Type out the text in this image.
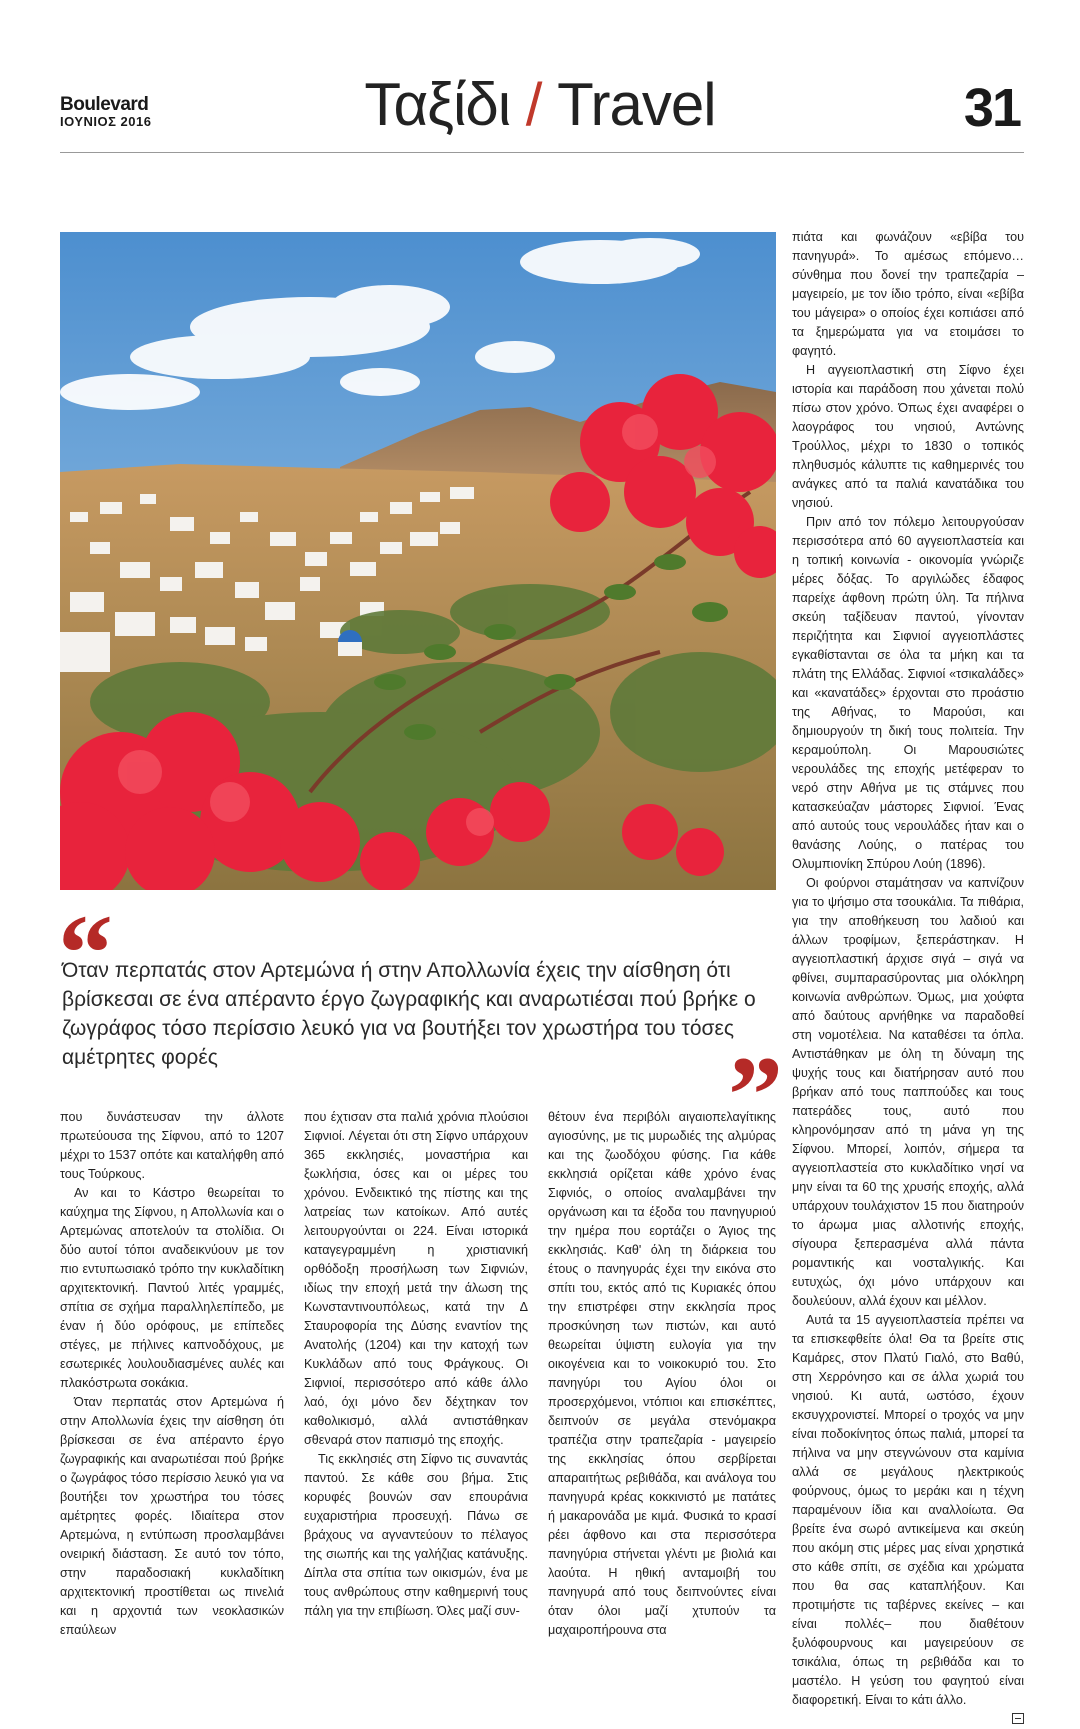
Boulevard
ΙΟΥΝΙΟΣ 2016	Ταξίδι / Travel	31
“
Όταν περπατάς στον Αρτεμώνα ή στην Απολλωνία έχεις την αίσθηση ότι βρίσκεσαι σε ένα απέραντο έργο ζωγραφικής και αναρωτιέσαι πού βρήκε ο ζωγράφος τόσο περίσσιο λευκό για να βουτήξει τον χρωστήρα του τόσες αμέτρητες φορές	”

πιάτα και φωνάζουν «εβίβα του πανηγυρά». Το αμέσως επόμενο… σύνθημα που δονεί την τραπεζαρία – μαγειρείο, με τον ίδιο τρόπο, είναι «εβίβα του μάγειρα» ο οποίος έχει κοπιάσει από τα ξημερώματα για να ετοιμάσει το φαγητό.

Η αγγειοπλαστική στη Σίφνο έχει ιστορία και παράδοση που χάνεται πολύ πίσω στον χρόνο. Όπως έχει αναφέρει ο λαογράφος του νησιού, Αντώνης Τρούλλος, μέχρι το 1830 ο τοπικός πληθυσμός κάλυπτε τις καθημερινές του ανάγκες από τα παλιά κανατάδικα του νησιού.

Πριν από τον πόλεμο λειτουργούσαν περισσότερα από 60 αγγειοπλαστεία και η τοπική κοινωνία - οικονομία γνώριζε μέρες δόξας. Το αργιλώδες έδαφος παρείχε άφθονη πρώτη ύλη. Τα πήλινα σκεύη ταξίδευαν παντού, γίνονταν περιζήτητα και Σιφνιοί αγγειοπλάστες εγκαθίστανται σε όλα τα μήκη και τα πλάτη της Ελλάδας. Σιφνιοί «τσικαλάδες» και «κανατάδες» έρχονται στο προάστιο της Αθήνας, το Μαρούσι, και δημιουργούν τη δική τους πολιτεία. Την κεραμούπολη. Οι Μαρουσιώτες νερουλάδες της εποχής μετέφεραν το νερό στην Αθήνα με τις στάμνες που κατασκεύαζαν μάστορες Σιφνιοί. Ένας από αυτούς τους νερουλάδες ήταν και ο θανάσης Λούης, ο πατέρας του Ολυμπιονίκη Σπύρου Λούη (1896).

Οι φούρνοι σταμάτησαν να καπνίζουν για το ψήσιμο στα τσουκάλια. Τα πιθάρια, για την αποθήκευση του λαδιού και άλλων τροφίμων, ξεπεράστηκαν. Η αγγειοπλαστική άρχισε σιγά – σιγά να φθίνει, συμπαρασύροντας μια ολόκληρη κοινωνία ανθρώπων. Όμως, μια χούφτα από δαύτους αρνήθηκε να παραδοθεί στη νομοτέλεια. Να καταθέσει τα όπλα. Αντιστάθηκαν με όλη τη δύναμη της ψυχής τους και διατήρησαν αυτό που βρήκαν από τους παππούδες και τους πατεράδες τους, αυτό που κληρονόμησαν από τη μάνα γη της Σίφνου. Μπορεί, λοιπόν, σήμερα τα αγγειοπλαστεία στο κυκλαδίτικο νησί να μην είναι τα 60 της χρυσής εποχής, αλλά υπάρχουν τουλάχιστον 15 που διατηρούν το άρωμα μιας αλλοτινής εποχής, σίγουρα ξεπερασμένα αλλά πάντα ρομαντικής και νοσταλγικής. Και ευτυχώς, όχι μόνο υπάρχουν και δουλεύουν, αλλά έχουν και μέλλον.

Αυτά τα 15 αγγειοπλαστεία πρέπει να τα επισκεφθείτε όλα! Θα τα βρείτε στις Καμάρες, στον Πλατύ Γιαλό, στο Βαθύ, στη Χερρόνησο και σε άλλα χωριά του νησιού. Κι αυτά, ωστόσο, έχουν εκσυγχρονιστεί. Μπορεί ο τροχός να μην είναι ποδοκίνητος όπως παλιά, μπορεί τα πήλινα να μην στεγνώνουν στα καμίνια αλλά σε μεγάλους ηλεκτρικούς φούρνους, όμως το μεράκι και η τέχνη παραμένουν ίδια και αναλλοίωτα. Θα βρείτε ένα σωρό αντικείμενα και σκεύη που ακόμη στις μέρες μας είναι χρηστικά στο κάθε σπίτι, σε σχέδια και χρώματα που θα σας καταπλήξουν. Και προτιμήστε τις ταβέρνες εκείνες – και είναι πολλές– που διαθέτουν ξυλόφουρνους και μαγειρεύουν σε τσικάλια, όπως τη ρεβιθάδα και το μαστέλο. Η γεύση του φαγητού είναι διαφορετική. Είναι το κάτι άλλο.

που δυνάστευσαν την άλλοτε πρωτεύουσα της Σίφνου, από το 1207 μέχρι το 1537 οπότε και καταλήφθη από τους Τούρκους.

Αν και το Κάστρο θεωρείται το καύχημα της Σίφνου, η Απολλωνία και ο Αρτεμώνας αποτελούν τα στολίδια. Οι δύο αυτοί τόποι αναδεικνύουν με τον πιο εντυπωσιακό τρόπο την κυκλαδίτικη αρχιτεκτονική. Παντού λιτές γραμμές, σπίτια σε σχήμα παραλληλεπίπεδο, με έναν ή δύο ορόφους, με επίπεδες στέγες, με πήλινες καπνοδόχους, με εσωτερικές λουλουδιασμένες αυλές και πλακόστρωτα σοκάκια.

Όταν περπατάς στον Αρτεμώνα ή στην Απολλωνία έχεις την αίσθηση ότι βρίσκεσαι σε ένα απέραντο έργο ζωγραφικής και αναρωτιέσαι πού βρήκε ο ζωγράφος τόσο περίσσιο λευκό για να βουτήξει τον χρωστήρα του τόσες αμέτρητες φορές. Ιδιαίτερα στον Αρτεμώνα, η εντύπωση προσλαμβάνει ονειρική διάσταση. Σε αυτό τον τόπο, στην παραδοσιακή κυκλαδίτικη αρχιτεκτονική προστίθεται ως πινελιά και η αρχοντιά των νεοκλασικών επαύλεων

που έχτισαν στα παλιά χρόνια πλούσιοι Σιφνιοί. Λέγεται ότι στη Σίφνο υπάρχουν 365 εκκλησιές, μοναστήρια και ξωκλήσια, όσες και οι μέρες του χρόνου. Ενδεικτικό της πίστης και της λατρείας των κατοίκων. Από αυτές λειτουργούνται οι 224. Είναι ιστορικά καταγεγραμμένη η χριστιανική ορθόδοξη προσήλωση των Σιφνιών, ιδίως την εποχή μετά την άλωση της Κωνσταντινουπόλεως, κατά την Δ Σταυροφορία της Δύσης εναντίον της Ανατολής (1204) και την κατοχή των Κυκλάδων από τους Φράγκους. Οι Σιφνιοί, περισσότερο από κάθε άλλο λαό, όχι μόνο δεν δέχτηκαν τον καθολικισμό, αλλά αντιστάθηκαν σθεναρά στον παπισμό της εποχής.

Τις εκκλησιές στη Σίφνο τις συναντάς παντού. Σε κάθε σου βήμα. Στις κορυφές βουνών σαν επουράνια ευχαριστήρια προσευχή. Πάνω σε βράχους να αγναντεύουν το πέλαγος της σιωπής και της γαλήζιας κατάνυξης. Δίπλα στα σπίτια των οικισμών, ένα με τους ανθρώπους στην καθημερινή τους πάλη για την επιβίωση. Όλες μαζί συν-

θέτουν ένα περιβόλι αιγαιοπελαγίτικης αγιοσύνης, με τις μυρωδιές της αλμύρας και της ζωοδόχου φύσης. Για κάθε εκκλησιά ορίζεται κάθε χρόνο ένας Σιφνιός, ο οποίος αναλαμβάνει την οργάνωση και τα έξοδα του πανηγυριού την ημέρα που εορτάζει ο Άγιος της εκκλησιάς. Καθ' όλη τη διάρκεια του έτους ο πανηγυράς έχει την εικόνα στο σπίτι του, εκτός από τις Κυριακές όπου την επιστρέφει στην εκκλησία προς προσκύνηση των πιστών, και αυτό θεωρείται ύψιστη ευλογία για την οικογένεια και το νοικοκυριό του. Στο πανηγύρι του Αγίου όλοι οι προσερχόμενοι, ντόπιοι και επισκέπτες, δειπνούν σε μεγάλα στενόμακρα τραπέζια στην τραπεζαρία - μαγειρείο της εκκλησίας όπου σερβίρεται απαραιτήτως ρεβιθάδα, και ανάλογα του πανηγυρά κρέας κοκκινιστό με πατάτες ή μακαρονάδα με κιμά. Φυσικά το κρασί ρέει άφθονο και στα περισσότερα πανηγύρια στήνεται γλέντι με βιολιά και λαούτα. Η ηθική ανταμοιβή του πανηγυρά από τους δειπνούντες είναι όταν όλοι μαζί χτυπούν τα μαχαιροπήρουνα στα
